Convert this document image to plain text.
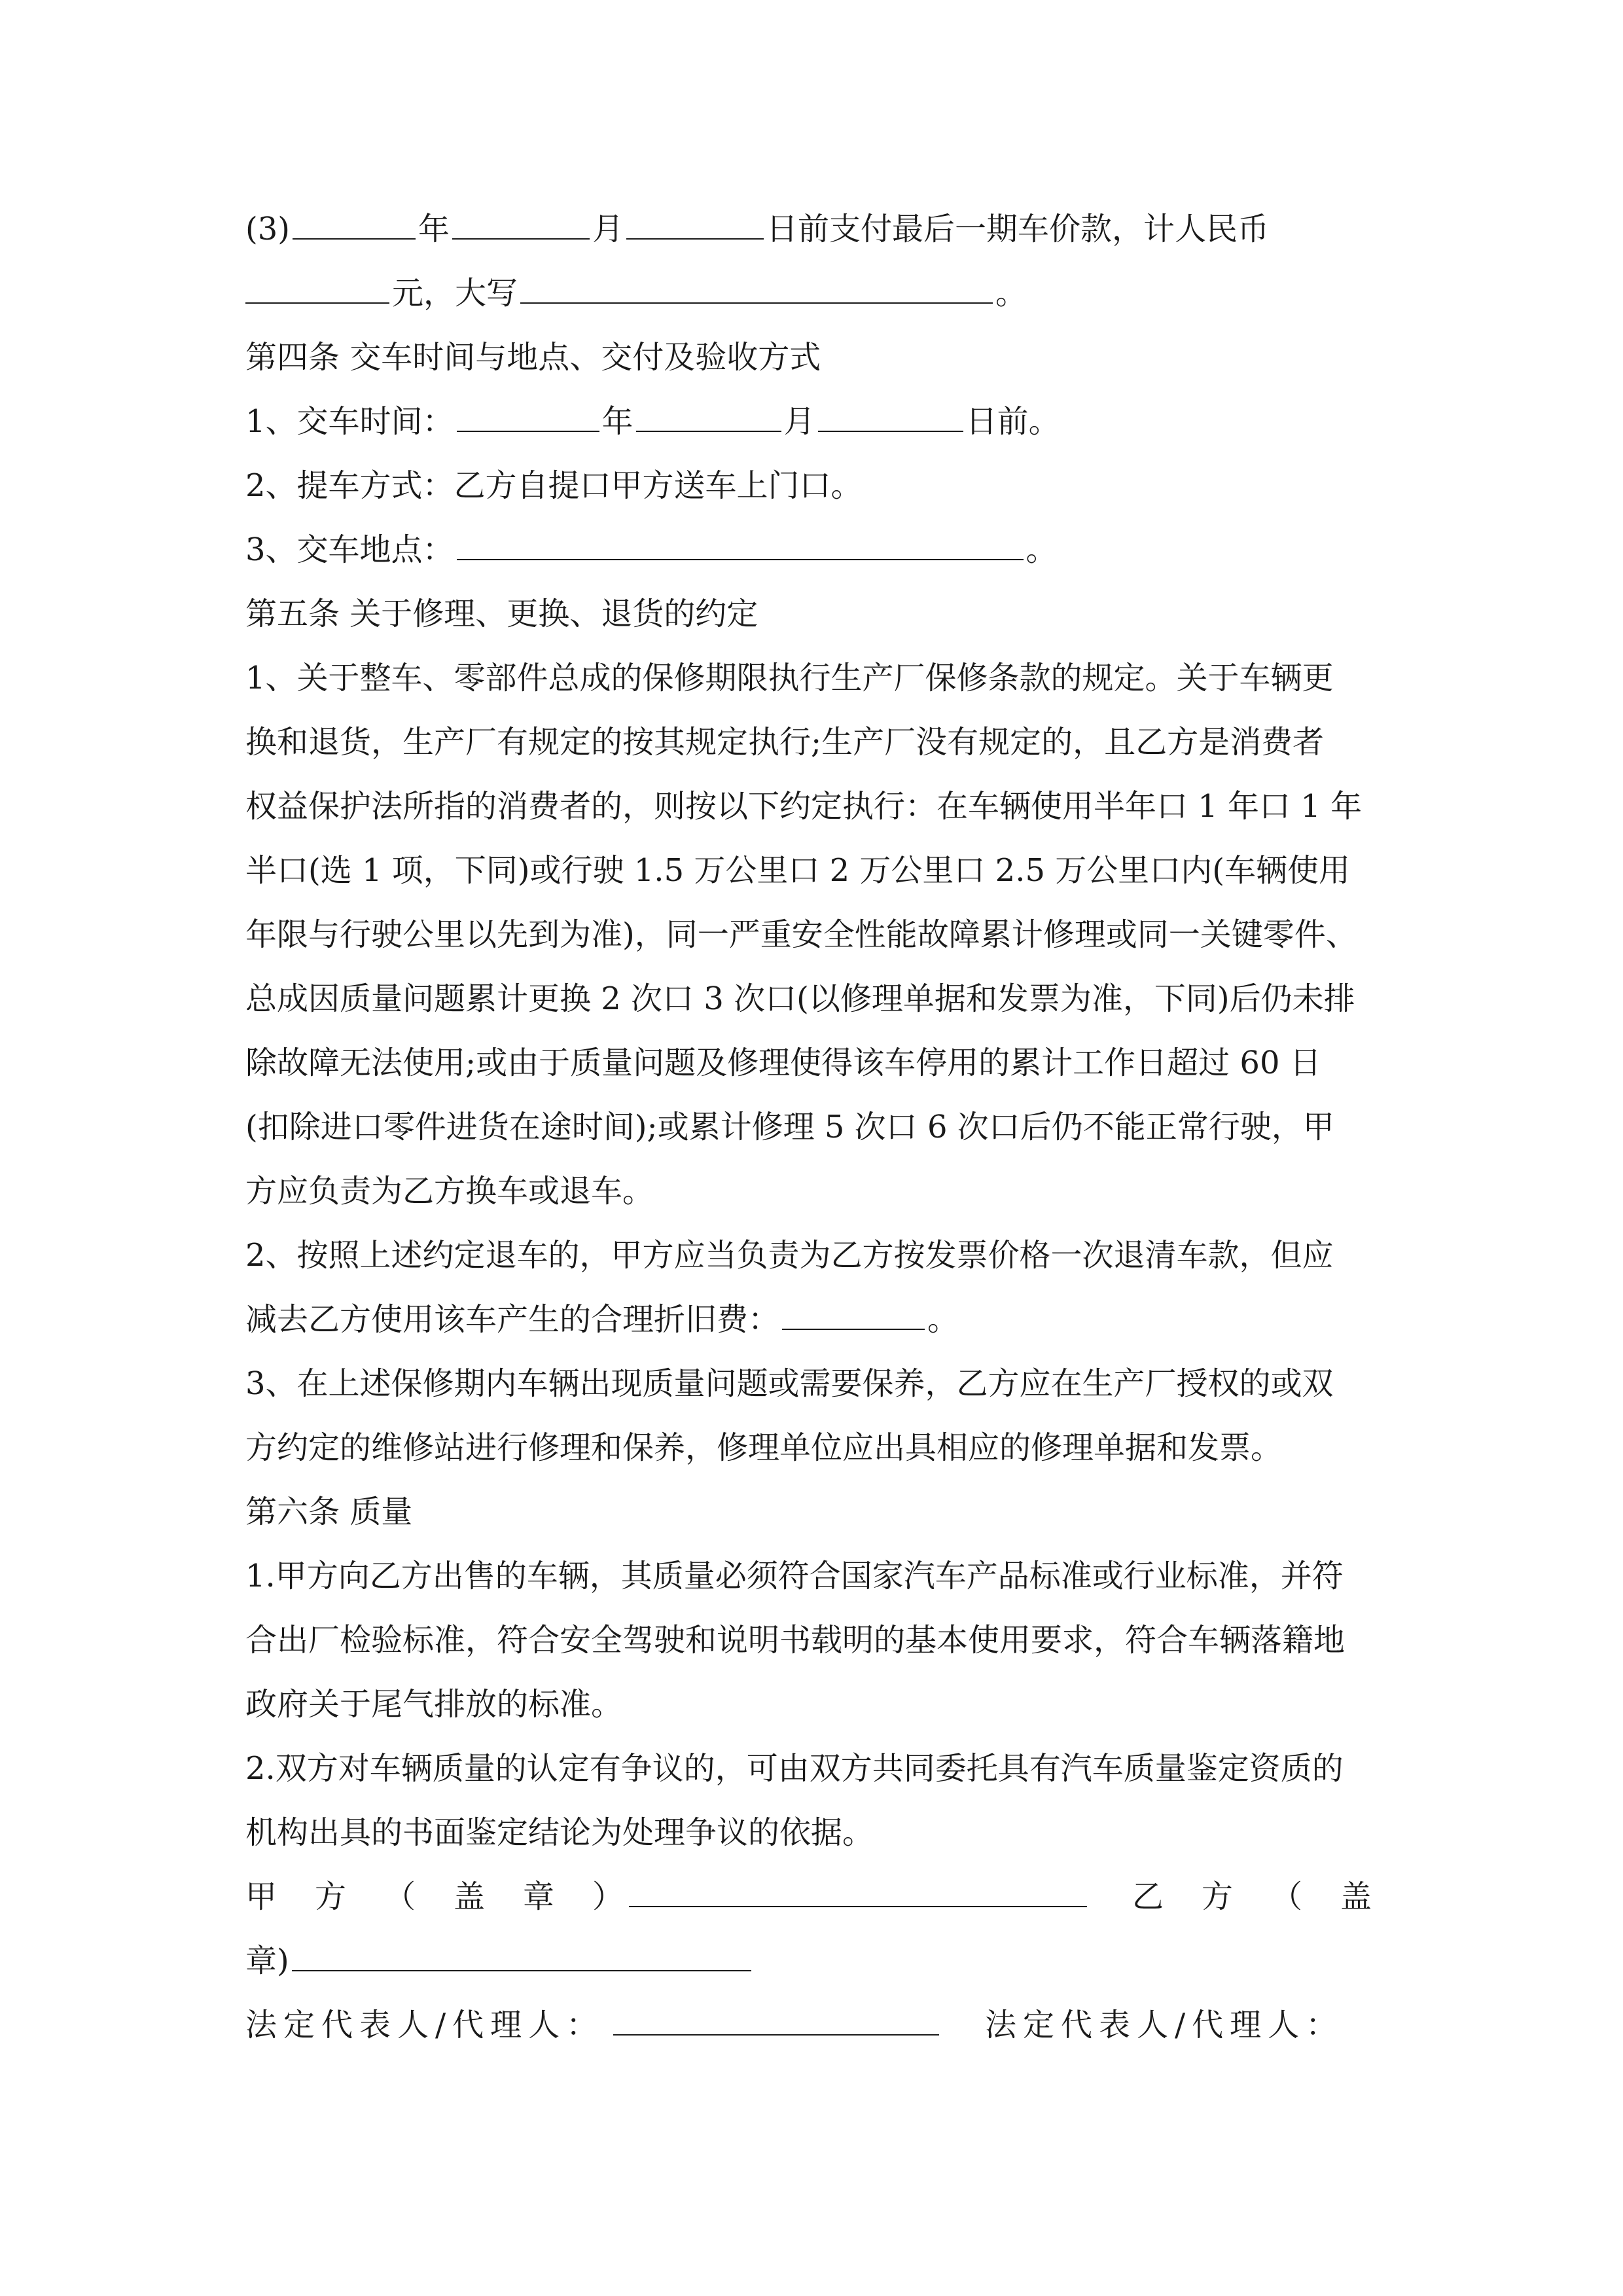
(3)	年	月	日前支付最后一期车价款，计人民币
元，大写	。
第四条 交车时间与地点、交付及验收方式
1、交车时间：	年	月	日前。
2、提车方式：乙方自提口甲方送车上门口。
3、交车地点：	。
第五条 关于修理、更换、退货的约定
1、关于整车、零部件总成的保修期限执行生产厂保修条款的规定。关于车辆更
换和退货，生产厂有规定的按其规定执行;生产厂没有规定的，且乙方是消费者
权益保护法所指的消费者的，则按以下约定执行：在车辆使用半年口 1 年口 1 年
半口(选 1 项，下同)或行驶 1.5 万公里口 2 万公里口 2.5 万公里口内(车辆使用
年限与行驶公里以先到为准)，同一严重安全性能故障累计修理或同一关键零件、
总成因质量问题累计更换 2 次口 3 次口(以修理单据和发票为准，下同)后仍未排
除故障无法使用;或由于质量问题及修理使得该车停用的累计工作日超过 60 日
(扣除进口零件进货在途时间);或累计修理 5 次口 6 次口后仍不能正常行驶，甲
方应负责为乙方换车或退车。
2、按照上述约定退车的，甲方应当负责为乙方按发票价格一次退清车款，但应
减去乙方使用该车产生的合理折旧费：	。
3、在上述保修期内车辆出现质量问题或需要保养，乙方应在生产厂授权的或双
方约定的维修站进行修理和保养，修理单位应出具相应的修理单据和发票。
第六条 质量
1.甲方向乙方出售的车辆，其质量必须符合国家汽车产品标准或行业标准，并符
合出厂检验标准，符合安全驾驶和说明书载明的基本使用要求，符合车辆落籍地
政府关于尾气排放的标准。
2.双方对车辆质量的认定有争议的，可由双方共同委托具有汽车质量鉴定资质的
机构出具的书面鉴定结论为处理争议的依据。
甲方（盖章）	乙方（盖
章)
法定代表人/代理人：	法定代表人/代理人：
